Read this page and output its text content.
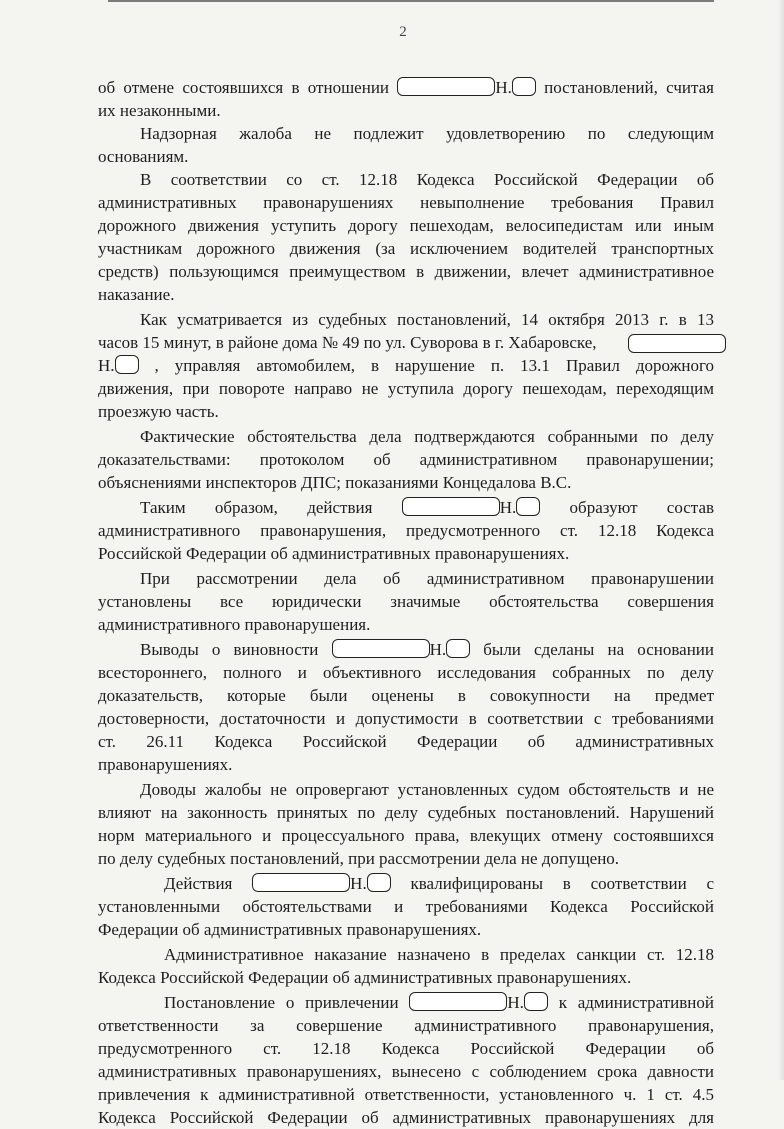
2
об отмене состоявшихся в отношении	Н. постановлений, считая
их незаконными.
Надзорная жалоба не подлежит удовлетворению по следующим
основаниям.
В соответствии со ст. 12.18 Кодекса Российской Федерации об
административных правонарушениях невыполнение требования Правил
дорожного движения уступить дорогу пешеходам, велосипедистам или иным
участникам дорожного движения (за исключением водителей транспортных
средств) пользующимся преимуществом в движении, влечет административное
наказание.
Как усматривается из судебных постановлений, 14 октября 2013 г. в 13
часов 15 минут, в районе дома № 49 по ул. Суворова в г. Хабаровске,
Н. , управляя автомобилем, в нарушение п. 13.1 Правил дорожного
движения, при повороте направо не уступила дорогу пешеходам, переходящим
проезжую часть.
Фактические обстоятельства дела подтверждаются собранными по делу
доказательствами: протоколом об административном правонарушении;
объяснениями инспекторов ДПС; показаниями Концедалова В.С.
Таким образом, действия	Н.	образуют состав
административного правонарушения, предусмотренного ст. 12.18 Кодекса
Российской Федерации об административных правонарушениях.
При рассмотрении дела об административном правонарушении
установлены все юридически значимые обстоятельства совершения
административного правонарушения.
Выводы о виновности	Н. были сделаны на основании
всестороннего, полного и объективного исследования собранных по делу
доказательств, которые были оценены в совокупности на предмет
достоверности, достаточности и допустимости в соответствии с требованиями
ст. 26.11 Кодекса Российской Федерации об административных
правонарушениях.
Доводы жалобы не опровергают установленных судом обстоятельств и не
влияют на законность принятых по делу судебных постановлений. Нарушений
норм материального и процессуального права, влекущих отмену состоявшихся
по делу судебных постановлений, при рассмотрении дела не допущено.
Действия	Н.	квалифицированы в соответствии с
установленными обстоятельствами и требованиями Кодекса Российской
Федерации об административных правонарушениях.
Административное наказание назначено в пределах санкции ст. 12.18
Кодекса Российской Федерации об административных правонарушениях.
Постановление о привлечении	Н. к административной
ответственности за совершение административного правонарушения,
предусмотренного ст. 12.18 Кодекса Российской Федерации об
административных правонарушениях, вынесено с соблюдением срока давности
привлечения к административной ответственности, установленного ч. 1 ст. 4.5
Кодекса Российской Федерации об административных правонарушениях для
